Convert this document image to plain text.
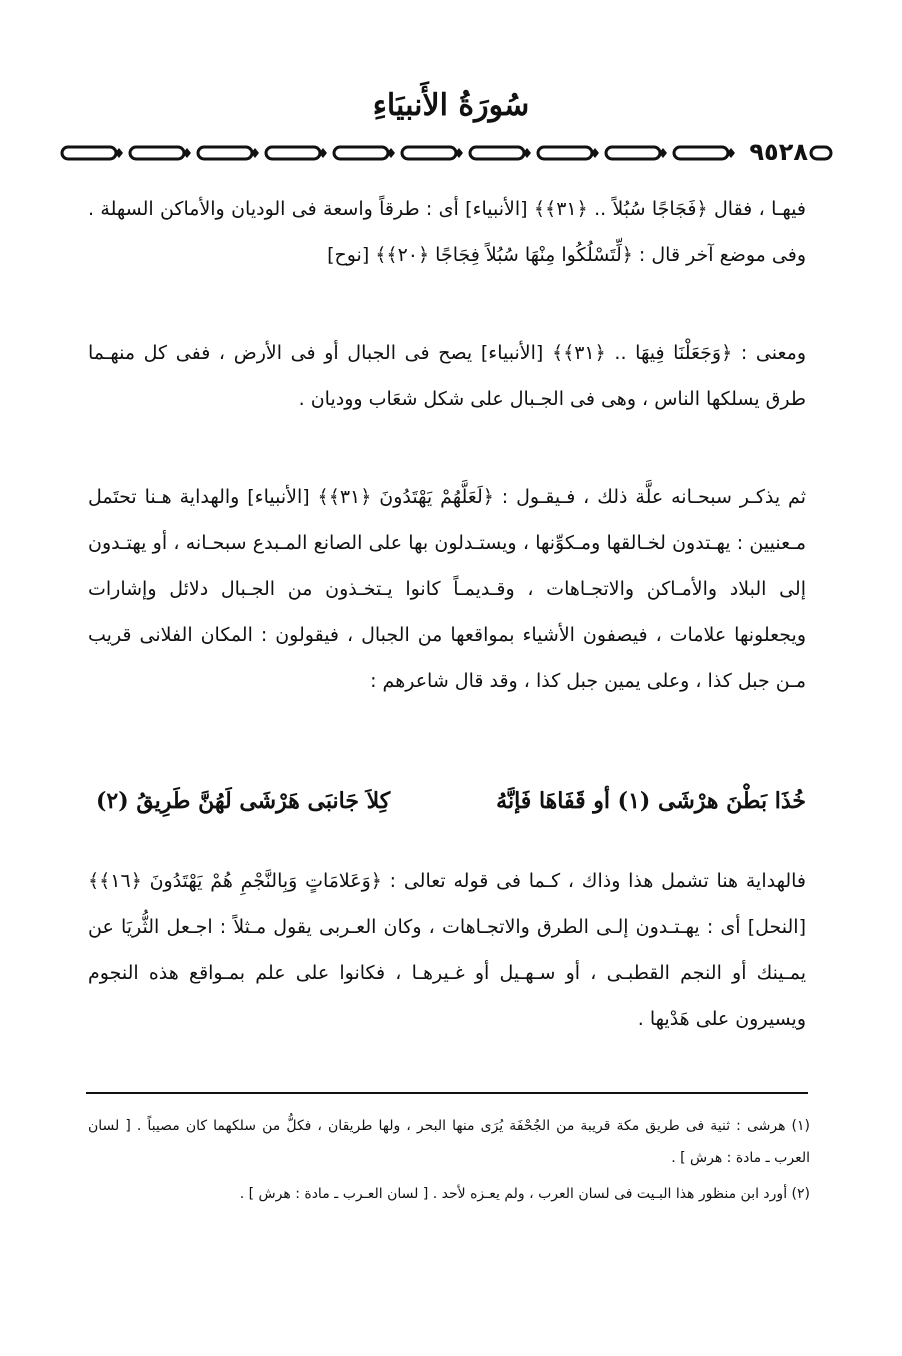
سُورَةُ الأَنبيَاءِ
٩٥٢٨

فيهـا ، فقال ﴿فَجَاجًا سُبُلاً .. ﴿٣١﴾﴾ [الأنبياء] أى : طرقاً واسعة فى الوديان والأماكن السهلة . وفى موضع آخر قال : ﴿لِّتَسْلُكُوا مِنْهَا سُبُلاً فِجَاجًا ﴿٢٠﴾﴾ [نوح]

ومعنى : ﴿وَجَعَلْنَا فِيهَا .. ﴿٣١﴾﴾ [الأنبياء] يصح فى الجبال أو فى الأرض ، ففى كل منهـما طرق يسلكها الناس ، وهى فى الجـبال على شكل شعَاب ووديان .

ثم يذكـر سبحـانه علَّة ذلك ، فـيقـول : ﴿لَعَلَّهُمْ يَهْتَدُونَ ﴿٣١﴾﴾ [الأنبياء] والهداية هـنا تحتَمل مـعنيين : يهـتدون لخـالقها ومـكوِّنها ، ويستـدلون بها على الصانع المـبدع سبحـانه ، أو يهتـدون إلى البلاد والأمـاكن والاتجـاهات ، وقـديمـاً كانوا يـتخـذون من الجـبال دلائل وإشارات ويجعلونها علامات ، فيصفون الأشياء بمواقعها من الجبال ، فيقولون : المكان الفلانى قريب مـن جبل كذا ، وعلى يمين جبل كذا ، وقد قال شاعرهم :

خُذَا بَطْنَ هرْشَى (١) أو قَفَاهَا فَإنَّهُ
كِلاَ جَانبَى هَرْشَى لَهُنَّ طَرِيقُ (٢)

فالهداية هنا تشمل هذا وذاك ، كـما فى قوله تعالى : ﴿وَعَلامَاتٍ وَبِالنَّجْمِ هُمْ يَهْتَدُونَ ﴿١٦﴾﴾ [النحل] أى : يهـتـدون إلـى الطرق والاتجـاهات ، وكان العـربى يقول مـثلاً : اجـعل الثُّريَا عن يمـينك أو النجم القطبـى ، أو سـهـيل أو غـيرهـا ، فكانوا على علم بمـواقع هذه النجوم ويسيرون على هَدْيها .

(١) هرشى : ثنية فى طريق مكة قريبة من الجُحْفَة يُرَى منها البحر ، ولها طريقان ، فكلُّ من سلكهما كان مصيباً . [ لسان العرب ـ مادة : هرش ] .

(٢) أورد ابن منظور هذا البـيت فى لسان العرب ، ولم يعـزه لأحد . [ لسان العـرب ـ مادة : هرش ] .
